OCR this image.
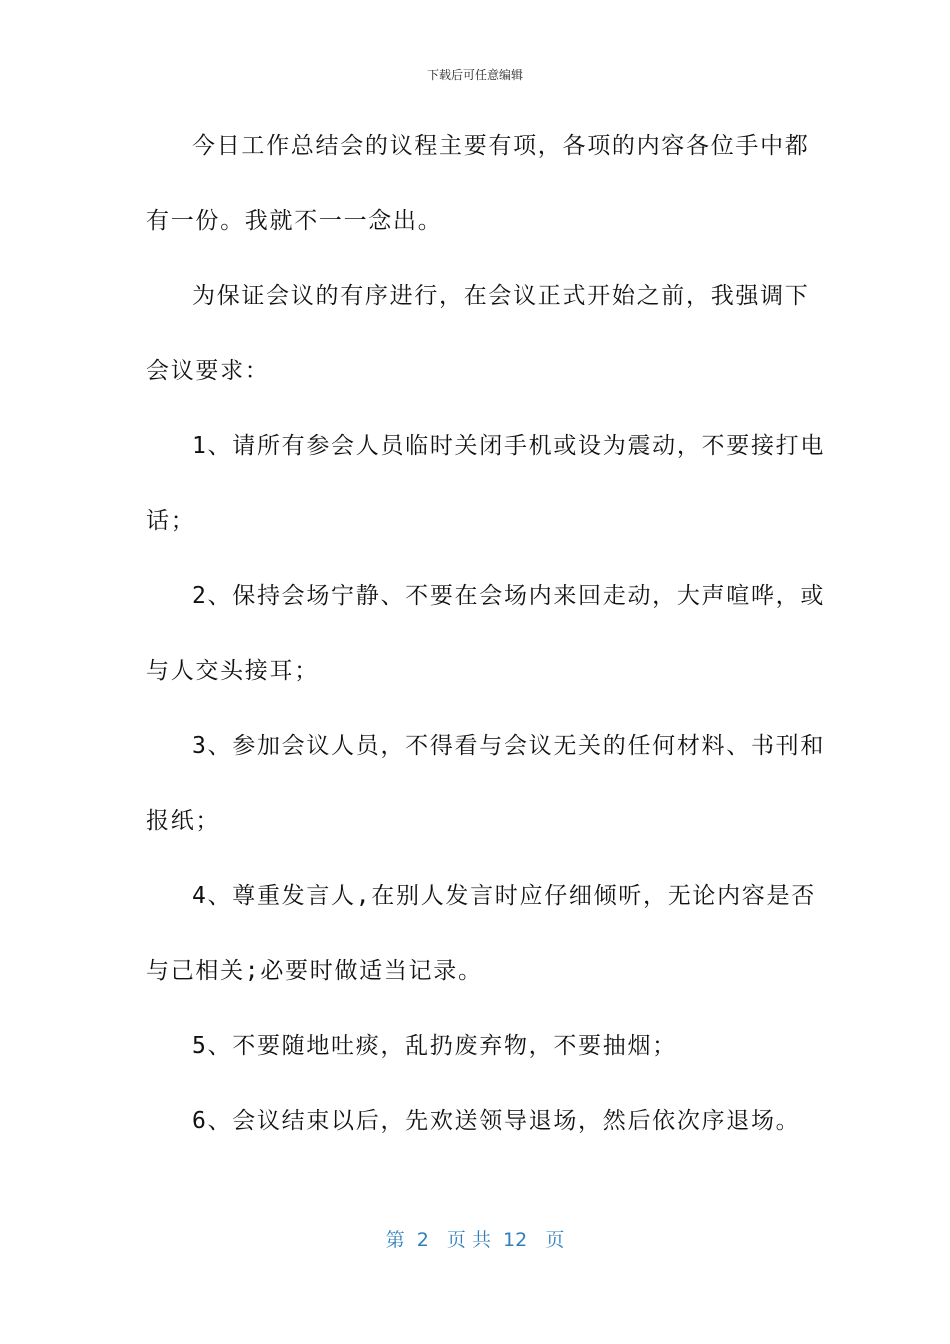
下载后可任意编辑
今日工作总结会的议程主要有项，各项的内容各位手中都
有一份。我就不一一念出。
为保证会议的有序进行，在会议正式开始之前，我强调下
会议要求：
1、请所有参会人员临时关闭手机或设为震动，不要接打电
话；
2、保持会场宁静、不要在会场内来回走动，大声喧哗，或
与人交头接耳；
3、参加会议人员，不得看与会议无关的任何材料、书刊和
报纸；
4、尊重发言人,在别人发言时应仔细倾听，无论内容是否
与己相关;必要时做适当记录。
5、不要随地吐痰，乱扔废弃物，不要抽烟；
6、会议结束以后，先欢送领导退场，然后依次序退场。
第  2   页 共  12   页
